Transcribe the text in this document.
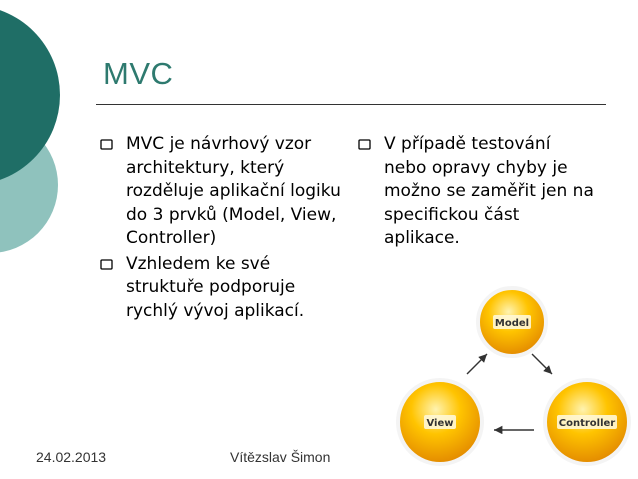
MVC
MVC je návrhový vzor architektury, který rozděluje aplikační logiku do 3 prvků (Model, View, Controller)
Vzhledem ke své struktuře podporuje rychlý vývoj aplikací.
V případě testování nebo opravy chyby je možno se zaměřit jen na specifickou část aplikace.
Model
View	Controller
24.02.2013	Vítězslav Šimon
